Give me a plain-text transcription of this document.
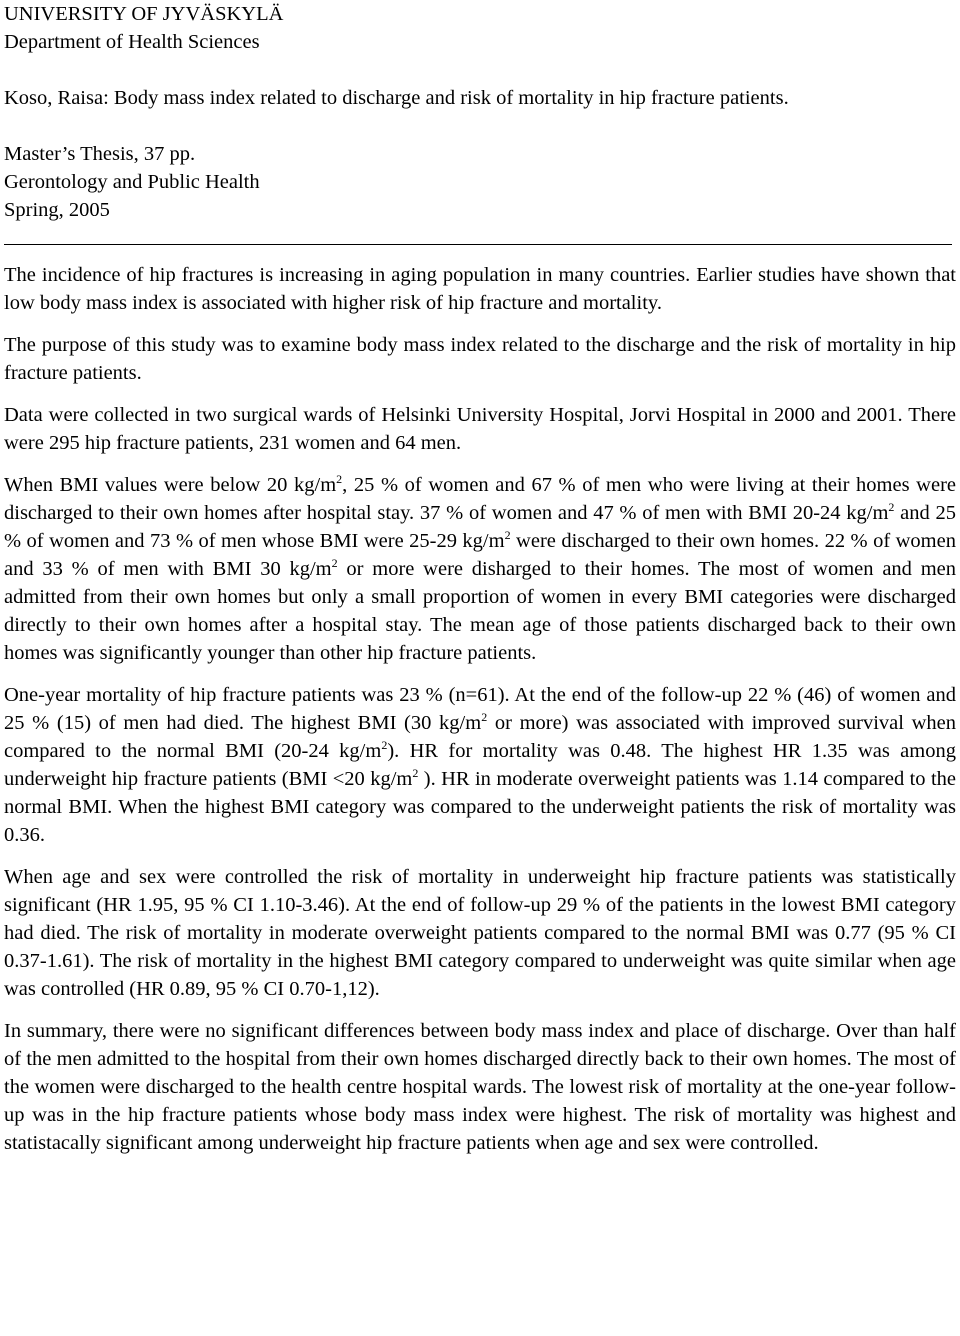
UNIVERSITY OF JYVÄSKYLÄ

Department of Health Sciences

Koso, Raisa: Body mass index related to discharge and risk of mortality in hip fracture patients.

Master’s Thesis, 37 pp.

Gerontology and Public Health

Spring, 2005

The incidence of hip fractures is increasing in aging population in many countries. Earlier studies have shown that low body mass index is associated with higher risk of hip fracture and mortality.

The purpose of this study was to examine body mass index related to the discharge and the risk of mortality in hip fracture patients.

Data were collected in two surgical wards of Helsinki University Hospital, Jorvi Hospital in 2000 and 2001. There were 295 hip fracture patients, 231 women and 64 men.

When BMI values were below 20 $kg/m^2$, 25 % of women and 67 % of men who were living at their homes were discharged to their own homes after hospital stay. 37 % of women and 47 % of men with BMI 20-24 $kg/m^2$ and 25 % of women and 73 % of men whose BMI were 25-29 $kg/m^2$ were discharged to their own homes. 22 % of women and 33 % of men with BMI 30 $kg/m^2$ or more were disharged to their homes. The most of women and men admitted from their own homes but only a small proportion of women in every BMI categories were discharged directly to their own homes after a hospital stay. The mean age of those patients discharged back to their own homes was significantly younger than other hip fracture patients.

One-year mortality of hip fracture patients was 23 % (n=61). At the end of the follow-up 22 % (46) of women and 25 % (15) of men had died. The highest BMI (30 $kg/m^2$ or more) was associated with improved survival when compared to the normal BMI (20-24 $kg/m^2$). HR for mortality was 0.48. The highest HR 1.35 was among underweight hip fracture patients (BMI <20 $kg/m^2$ ). HR in moderate overweight patients was 1.14 compared to the normal BMI. When the highest BMI category was compared to the underweight patients the risk of mortality was 0.36.

When age and sex were controlled the risk of mortality in underweight hip fracture patients was statistically significant (HR 1.95, 95 % CI 1.10-3.46). At the end of follow-up 29 % of the patients in the lowest BMI category had died. The risk of mortality in moderate overweight patients compared to the normal BMI was 0.77 (95 % CI 0.37-1.61). The risk of mortality in the highest BMI category compared to underweight was quite similar when age was controlled (HR 0.89, 95 % CI 0.70-1,12).

In summary, there were no significant differences between body mass index and place of discharge. Over than half of the men admitted to the hospital from their own homes discharged directly back to their own homes. The most of the women were discharged to the health centre hospital wards. The lowest risk of mortality at the one-year follow-up was in the hip fracture patients whose body mass index were highest. The risk of mortality was highest and statistacally significant among underweight hip fracture patients when age and sex were controlled.
